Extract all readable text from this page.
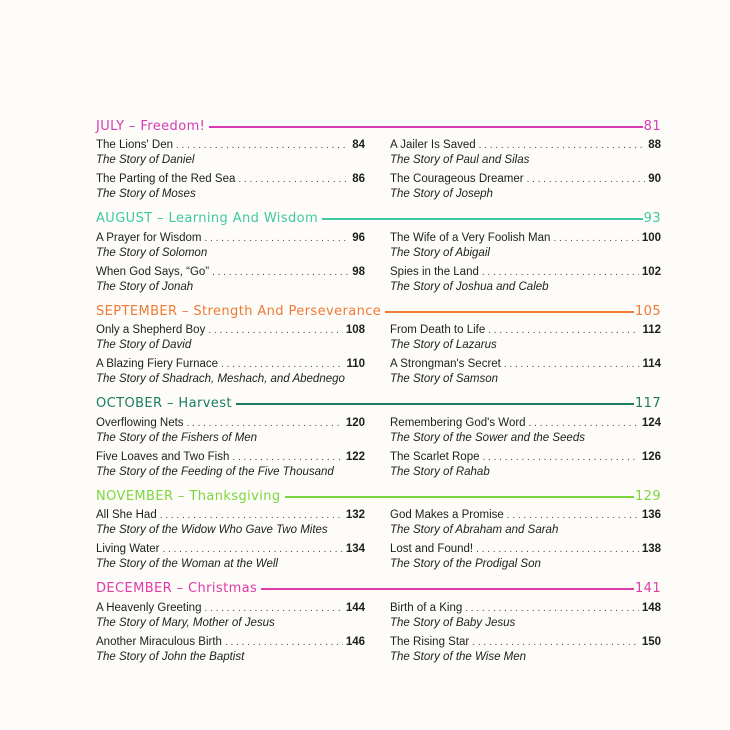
JULY – Freedom!	81
The Lions' Den . . .	84
The Story of Daniel
The Parting of the Red Sea . . .	86
The Story of Moses
A Jailer Is Saved . . .	88
The Story of Paul and Silas
The Courageous Dreamer . . .	90
The Story of Joseph
AUGUST – Learning And Wisdom	93
A Prayer for Wisdom . . .	96
The Story of Solomon
When God Says, “Go” . . .	98
The Story of Jonah
The Wife of a Very Foolish Man . . .	100
The Story of Abigail
Spies in the Land . . .	102
The Story of Joshua and Caleb
SEPTEMBER – Strength And Perseverance	105
Only a Shepherd Boy . . .	108
The Story of David
A Blazing Fiery Furnace . . .	110
The Story of Shadrach, Meshach, and Abednego
From Death to Life . . .	112
The Story of Lazarus
A Strongman's Secret . . .	114
The Story of Samson
OCTOBER – Harvest	117
Overflowing Nets . . .	120
The Story of the Fishers of Men
Five Loaves and Two Fish . . .	122
The Story of the Feeding of the Five Thousand
Remembering God's Word . . .	124
The Story of the Sower and the Seeds
The Scarlet Rope . . .	126
The Story of Rahab
NOVEMBER – Thanksgiving	129
All She Had . . .	132
The Story of the Widow Who Gave Two Mites
Living Water . . .	134
The Story of the Woman at the Well
God Makes a Promise . . .	136
The Story of Abraham and Sarah
Lost and Found! . . .	138
The Story of the Prodigal Son
DECEMBER – Christmas	141
A Heavenly Greeting . . .	144
The Story of Mary, Mother of Jesus
Another Miraculous Birth . . .	146
The Story of John the Baptist
Birth of a King . . .	148
The Story of Baby Jesus
The Rising Star . . .	150
The Story of the Wise Men
